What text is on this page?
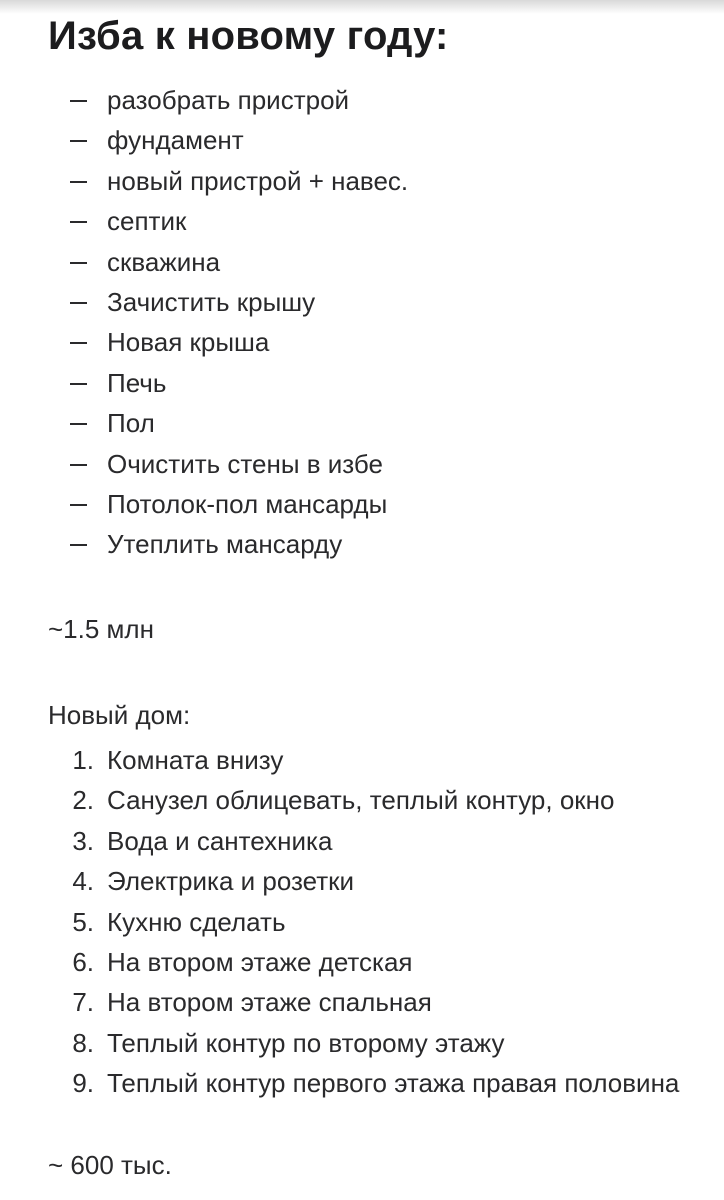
Изба к новому году:
разобрать пристрой
фундамент
новый пристрой + навес.
септик
скважина
Зачистить крышу
Новая крыша
Печь
Пол
Очистить стены в избе
Потолок-пол мансарды
Утеплить мансарду
~1.5 млн
Новый дом:
1. Комната внизу
2. Санузел облицевать, теплый контур, окно
3. Вода и сантехника
4. Электрика и розетки
5. Кухню сделать
6. На втором этаже детская
7. На втором этаже спальная
8. Теплый контур по второму этажу
9. Теплый контур первого этажа правая половина
~ 600 тыс.
